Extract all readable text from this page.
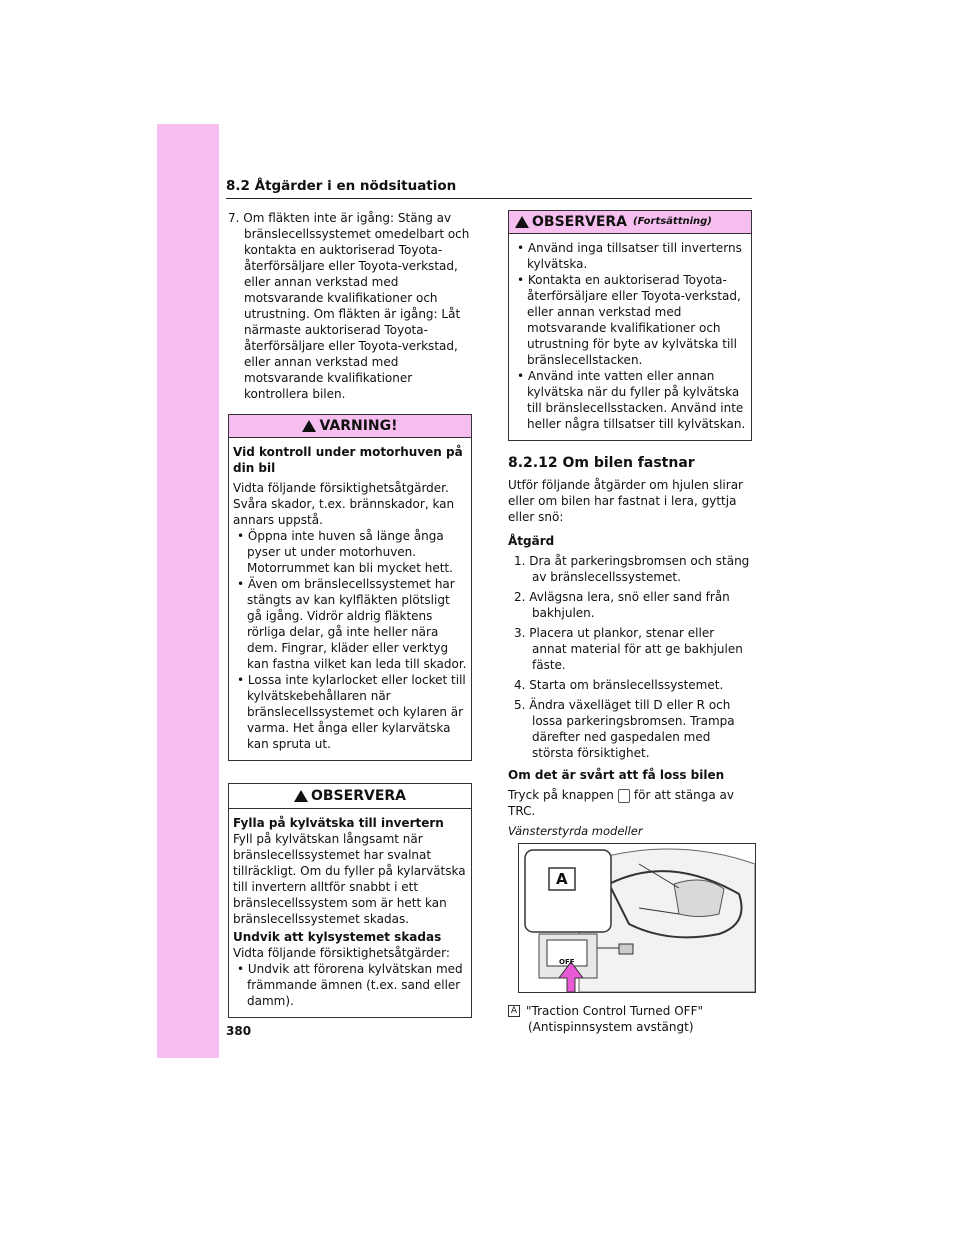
8.2 Åtgärder i en nödsituation

7. Om fläkten inte är igång: Stäng av bränslecellssystemet omedelbart och kontakta en auktoriserad Toyota-återförsäljare eller Toyota-verkstad, eller annan verkstad med motsvarande kvalifikationer och utrustning. Om fläkten är igång: Låt närmaste auktoriserad Toyota-återförsäljare eller Toyota-verkstad, eller annan verkstad med motsvarande kvalifikationer kontrollera bilen.

VARNING!

Vid kontroll under motorhuven på din bil

Vidta följande försiktighetsåtgärder. Svåra skador, t.ex. brännskador, kan annars uppstå.

• Öppna inte huven så länge ånga pyser ut under motorhuven. Motorrummet kan bli mycket hett.

• Även om bränslecellssystemet har stängts av kan kylfläkten plötsligt gå igång. Vidrör aldrig fläktens rörliga delar, gå inte heller nära dem. Fingrar, kläder eller verktyg kan fastna vilket kan leda till skador.

• Lossa inte kylarlocket eller locket till kylvätskebehållaren när bränslecellssystemet och kylaren är varma. Het ånga eller kylarvätska kan spruta ut.

OBSERVERA

Fylla på kylvätska till invertern

Fyll på kylvätskan långsamt när bränslecellssystemet har svalnat tillräckligt. Om du fyller på kylarvätska till invertern alltför snabbt i ett bränslecellssystem som är hett kan bränslecellssystemet skadas.

Undvik att kylsystemet skadas

Vidta följande försiktighetsåtgärder:

• Undvik att förorena kylvätskan med främmande ämnen (t.ex. sand eller damm).

OBSERVERA (Fortsättning)

• Använd inga tillsatser till inverterns kylvätska.

• Kontakta en auktoriserad Toyota-återförsäljare eller Toyota-verkstad, eller annan verkstad med motsvarande kvalifikationer och utrustning för byte av kylvätska till bränslecellstacken.

• Använd inte vatten eller annan kylvätska när du fyller på kylvätska till bränslecellsstacken. Använd inte heller några tillsatser till kylvätskan.

8.2.12 Om bilen fastnar

Utför följande åtgärder om hjulen slirar eller om bilen har fastnat i lera, gyttja eller snö:

Åtgärd

1. Dra åt parkeringsbromsen och stäng av bränslecellssystemet.

2. Avlägsna lera, snö eller sand från bakhjulen.

3. Placera ut plankor, stenar eller annat material för att ge bakhjulen fäste.

4. Starta om bränslecellssystemet.

5. Ändra växelläget till D eller R och lossa parkeringsbromsen. Trampa därefter ned gaspedalen med största försiktighet.

Om det är svårt att få loss bilen

Tryck på knappen för att stänga av TRC.

Vänsterstyrda modeller

A
OFF

A "Traction Control Turned OFF" (Antispinnsystem avstängt)

380
